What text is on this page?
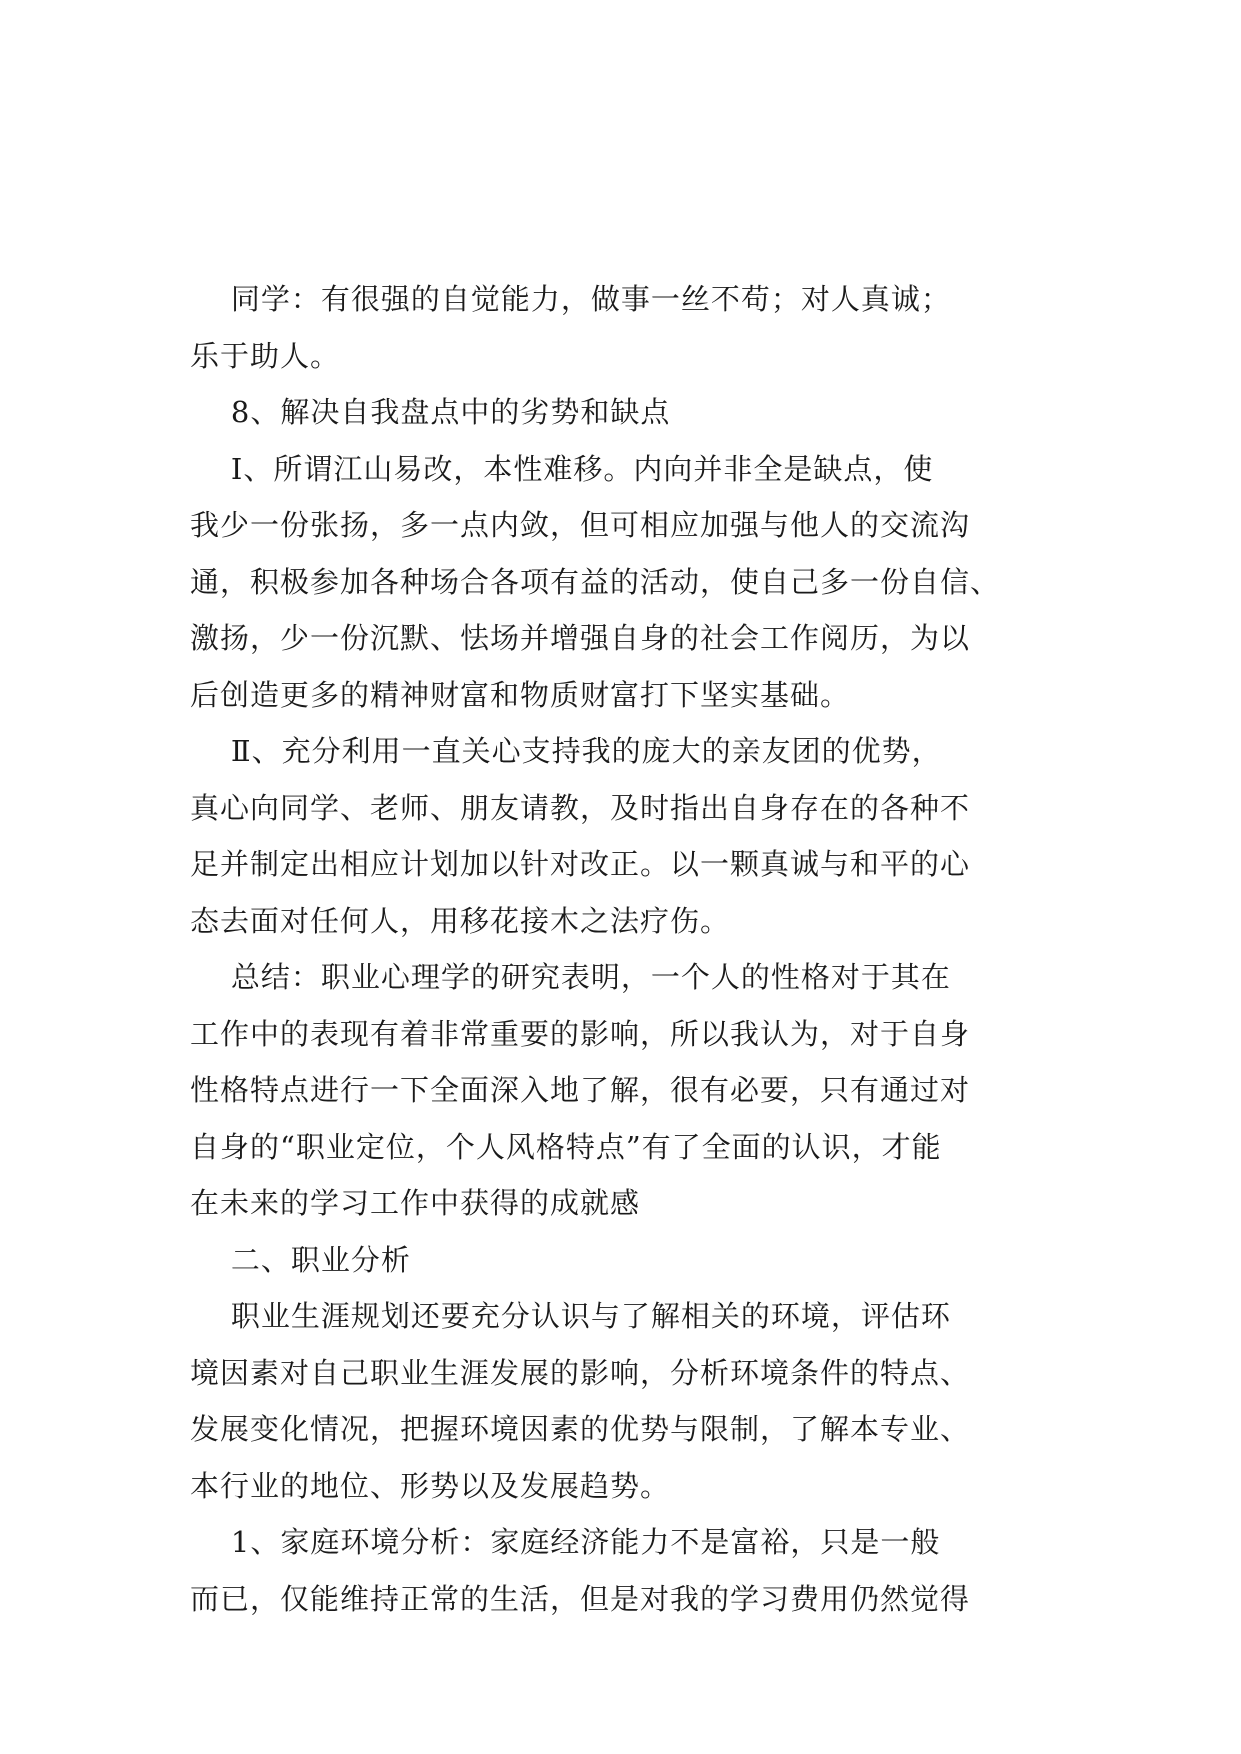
同学：有很强的自觉能力，做事一丝不苟；对人真诚；
乐于助人。
8、解决自我盘点中的劣势和缺点
Ⅰ、所谓江山易改，本性难移。内向并非全是缺点，使
我少一份张扬，多一点内敛，但可相应加强与他人的交流沟
通，积极参加各种场合各项有益的活动，使自己多一份自信、
激扬，少一份沉默、怯场并增强自身的社会工作阅历，为以
后创造更多的精神财富和物质财富打下坚实基础。
Ⅱ、充分利用一直关心支持我的庞大的亲友团的优势，
真心向同学、老师、朋友请教，及时指出自身存在的各种不
足并制定出相应计划加以针对改正。以一颗真诚与和平的心
态去面对任何人，用移花接木之法疗伤。
总结：职业心理学的研究表明，一个人的性格对于其在
工作中的表现有着非常重要的影响，所以我认为，对于自身
性格特点进行一下全面深入地了解，很有必要，只有通过对
自身的“职业定位，个人风格特点”有了全面的认识，才能
在未来的学习工作中获得的成就感
二、职业分析
职业生涯规划还要充分认识与了解相关的环境，评估环
境因素对自己职业生涯发展的影响，分析环境条件的特点、
发展变化情况，把握环境因素的优势与限制，了解本专业、
本行业的地位、形势以及发展趋势。
1、家庭环境分析：家庭经济能力不是富裕，只是一般
而已，仅能维持正常的生活，但是对我的学习费用仍然觉得
